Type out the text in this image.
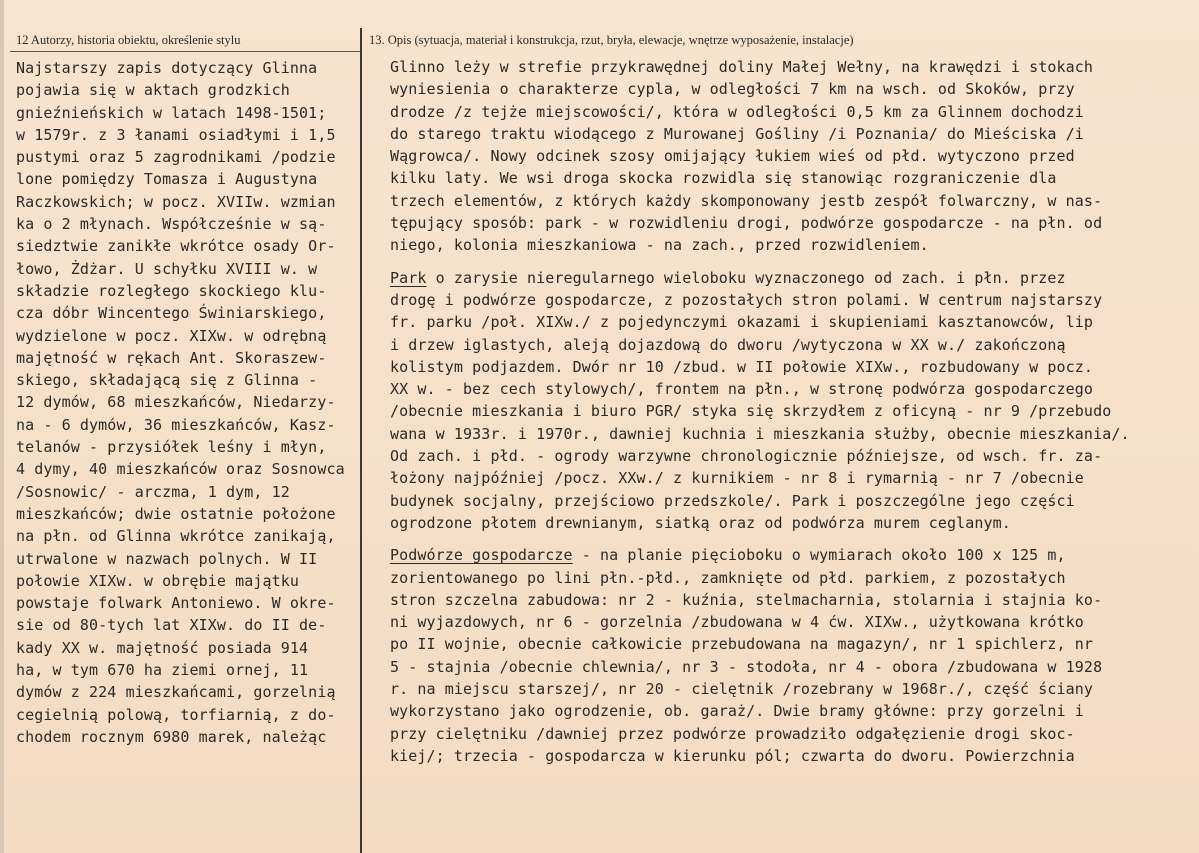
12 Autorzy, historia obiektu, określenie stylu	13. Opis (sytuacja, materiał i konstrukcja, rzut, bryła, elewacje, wnętrze wyposażenie, instalacje)
Najstarszy zapis dotyczący Glinna
pojawia się w aktach grodzkich
gnieźnieńskich w latach 1498-1501;
w 1579r. z 3 łanami osiadłymi i 1,5
pustymi oraz 5 zagrodnikami /podzie
lone pomiędzy Tomasza i Augustyna
Raczkowskich; w pocz. XVIIw. wzmian
ka o 2 młynach. Współcześnie w są-
siedztwie zanikłe wkrótce osady Or-
łowo, Żdżar. U schyłku XVIII w. w
składzie rozległego skockiego klu-
cza dóbr Wincentego Świniarskiego,
wydzielone w pocz. XIXw. w odrębną
majętność w rękach Ant. Skoraszew-
skiego, składającą się z Glinna -
12 dymów, 68 mieszkańców, Niedarzy-
na - 6 dymów, 36 mieszkańców, Kasz-
telanów - przysiółek leśny i młyn,
4 dymy, 40 mieszkańców oraz Sosnowca
/Sosnowic/ - arczma, 1 dym, 12
mieszkańców; dwie ostatnie położone
na płn. od Glinna wkrótce zanikają,
utrwalone w nazwach polnych. W II
połowie XIXw. w obrębie majątku
powstaje folwark Antoniewo. W okre-
sie od 80-tych lat XIXw. do II de-
kady XX w. majętność posiada 914
ha, w tym 670 ha ziemi ornej, 11
dymów z 224 mieszkańcami, gorzelnią
cegielnią polową, torfiarnią, z do-
chodem rocznym 6980 marek, należąc
Glinno leży w strefie przykrawędnej doliny Małej Wełny, na krawędzi i stokach
wyniesienia o charakterze cypla, w odległości 7 km na wsch. od Skoków, przy
drodze /z tejże miejscowości/, która w odległości 0,5 km za Glinnem dochodzi
do starego traktu wiodącego z Murowanej Gośliny /i Poznania/ do Mieściska /i
Wągrowca/. Nowy odcinek szosy omijający łukiem wieś od płd. wytyczono przed
kilku laty. We wsi droga skocka rozwidla się stanowiąc rozgraniczenie dla
trzech elementów, z których każdy skomponowany jestb zespół folwarczny, w nas-
tępujący sposób: park - w rozwidleniu drogi, podwórze gospodarcze - na płn. od
niego, kolonia mieszkaniowa - na zach., przed rozwidleniem.
Park o zarysie nieregularnego wieloboku wyznaczonego od zach. i płn. przez
drogę i podwórze gospodarcze, z pozostałych stron polami. W centrum najstarszy
fr. parku /poł. XIXw./ z pojedynczymi okazami i skupieniami kasztanowców, lip
i drzew iglastych, aleją dojazdową do dworu /wytyczona w XX w./ zakończoną
kolistym podjazdem. Dwór nr 10 /zbud. w II połowie XIXw., rozbudowany w pocz.
XX w. - bez cech stylowych/, frontem na płn., w stronę podwórza gospodarczego
/obecnie mieszkania i biuro PGR/ styka się skrzydłem z oficyną - nr 9 /przebudo
wana w 1933r. i 1970r., dawniej kuchnia i mieszkania służby, obecnie mieszkania/.
Od zach. i płd. - ogrody warzywne chronologicznie późniejsze, od wsch. fr. za-
łożony najpóźniej /pocz. XXw./ z kurnikiem - nr 8 i rymarnią - nr 7 /obecnie
budynek socjalny, przejściowo przedszkole/. Park i poszczególne jego części
ogrodzone płotem drewnianym, siatką oraz od podwórza murem ceglanym.
Podwórze gospodarcze - na planie pięcioboku o wymiarach około 100 x 125 m,
zorientowanego po lini płn.-płd., zamknięte od płd. parkiem, z pozostałych
stron szczelna zabudowa: nr 2 - kuźnia, stelmacharnia, stolarnia i stajnia ko-
ni wyjazdowych, nr 6 - gorzelnia /zbudowana w 4 ćw. XIXw., użytkowana krótko
po II wojnie, obecnie całkowicie przebudowana na magazyn/, nr 1 spichlerz, nr
5 - stajnia /obecnie chlewnia/, nr 3 - stodoła, nr 4 - obora /zbudowana w 1928
r. na miejscu starszej/, nr 20 - cielętnik /rozebrany w 1968r./, część ściany
wykorzystano jako ogrodzenie, ob. garaż/. Dwie bramy główne: przy gorzelni i
przy cielętniku /dawniej przez podwórze prowadziło odgałęzienie drogi skoc-
kiej/; trzecia - gospodarcza w kierunku pól; czwarta do dworu. Powierzchnia
